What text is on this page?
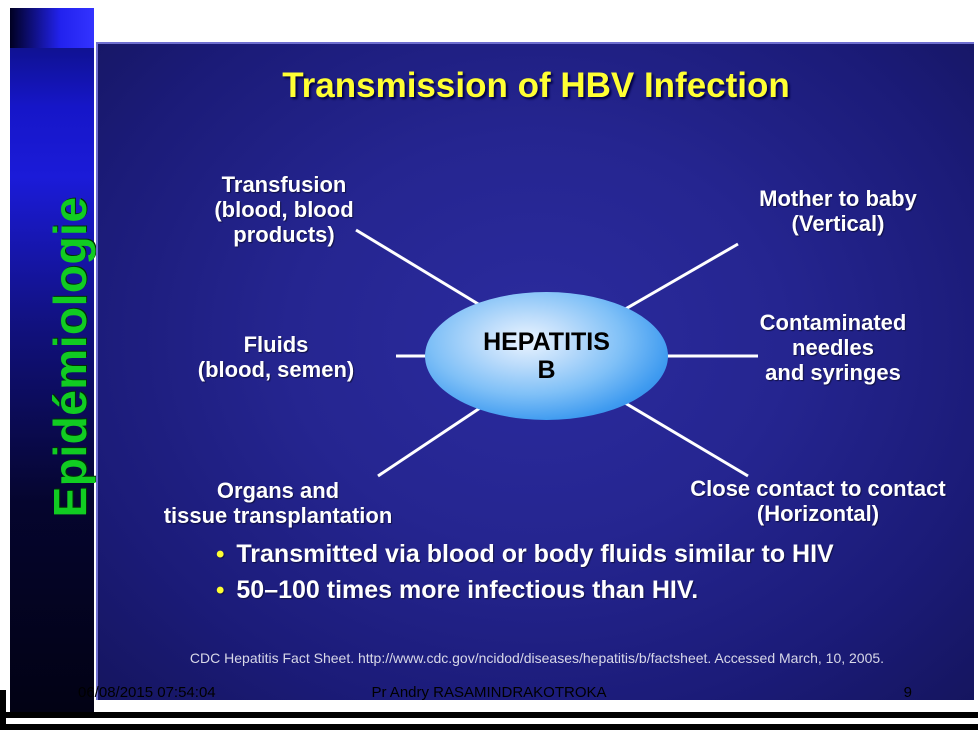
Epidémiologie
Transmission of HBV Infection
HEPATITIS
B
Transfusion
(blood, blood
products)
Mother to baby
(Vertical)
Fluids
(blood, semen)
Contaminated
needles
and syringes
Organs and
tissue transplantation
Close contact to contact
(Horizontal)
• Transmitted via blood or body fluids similar to HIV
• 50–100 times more infectious than HIV.
CDC Hepatitis Fact Sheet. http://www.cdc.gov/ncidod/diseases/hepatitis/b/factsheet. Accessed March, 10, 2005.
06/08/2015 07:54:04	Pr Andry RASAMINDRAKOTROKA	9
